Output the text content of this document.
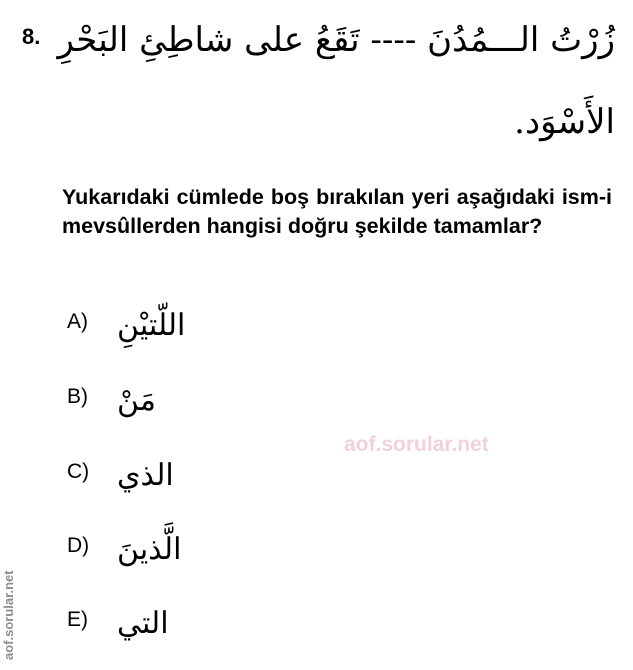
8. زُرْتُ الـــمُدُنَ ---- تَقَعُ على شاطِئِ البَحْرِ
الأَسْوَد.
Yukarıdaki cümlede boş bırakılan yeri aşağıdaki ism-i mevsûllerden hangisi doğru şekilde tamamlar?
A) اللّتيْنِ
B) مَنْ
C) الذي
D) الَّذينَ
E) التي
aof.sorular.net
aof.sorular.net
